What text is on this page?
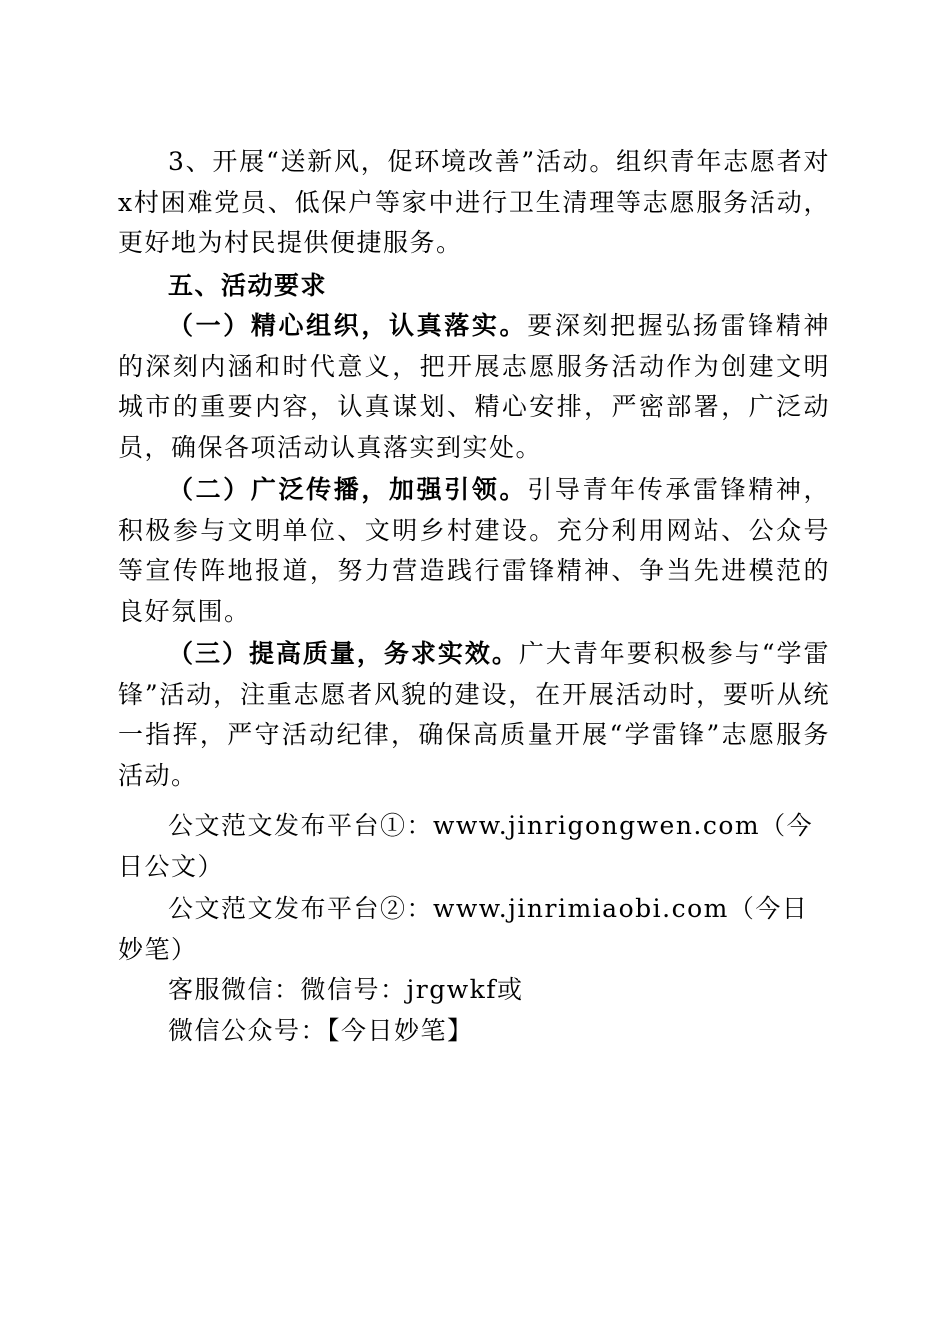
3、开展“送新风，促环境改善”活动。组织青年志愿者对x村困难党员、低保户等家中进行卫生清理等志愿服务活动，更好地为村民提供便捷服务。

五、活动要求

（一）精心组织，认真落实。要深刻把握弘扬雷锋精神的深刻内涵和时代意义，把开展志愿服务活动作为创建文明城市的重要内容，认真谋划、精心安排，严密部署，广泛动员，确保各项活动认真落实到实处。

（二）广泛传播，加强引领。引导青年传承雷锋精神，积极参与文明单位、文明乡村建设。充分利用网站、公众号等宣传阵地报道，努力营造践行雷锋精神、争当先进模范的良好氛围。

（三）提高质量，务求实效。广大青年要积极参与“学雷锋”活动，注重志愿者风貌的建设，在开展活动时，要听从统一指挥，严守活动纪律，确保高质量开展“学雷锋”志愿服务活动。

公文范文发布平台①：www.jinrigongwen.com（今日公文）

公文范文发布平台②：www.jinrimiaobi.com（今日妙笔）

客服微信：微信号：jrgwkf或

微信公众号：【今日妙笔】
